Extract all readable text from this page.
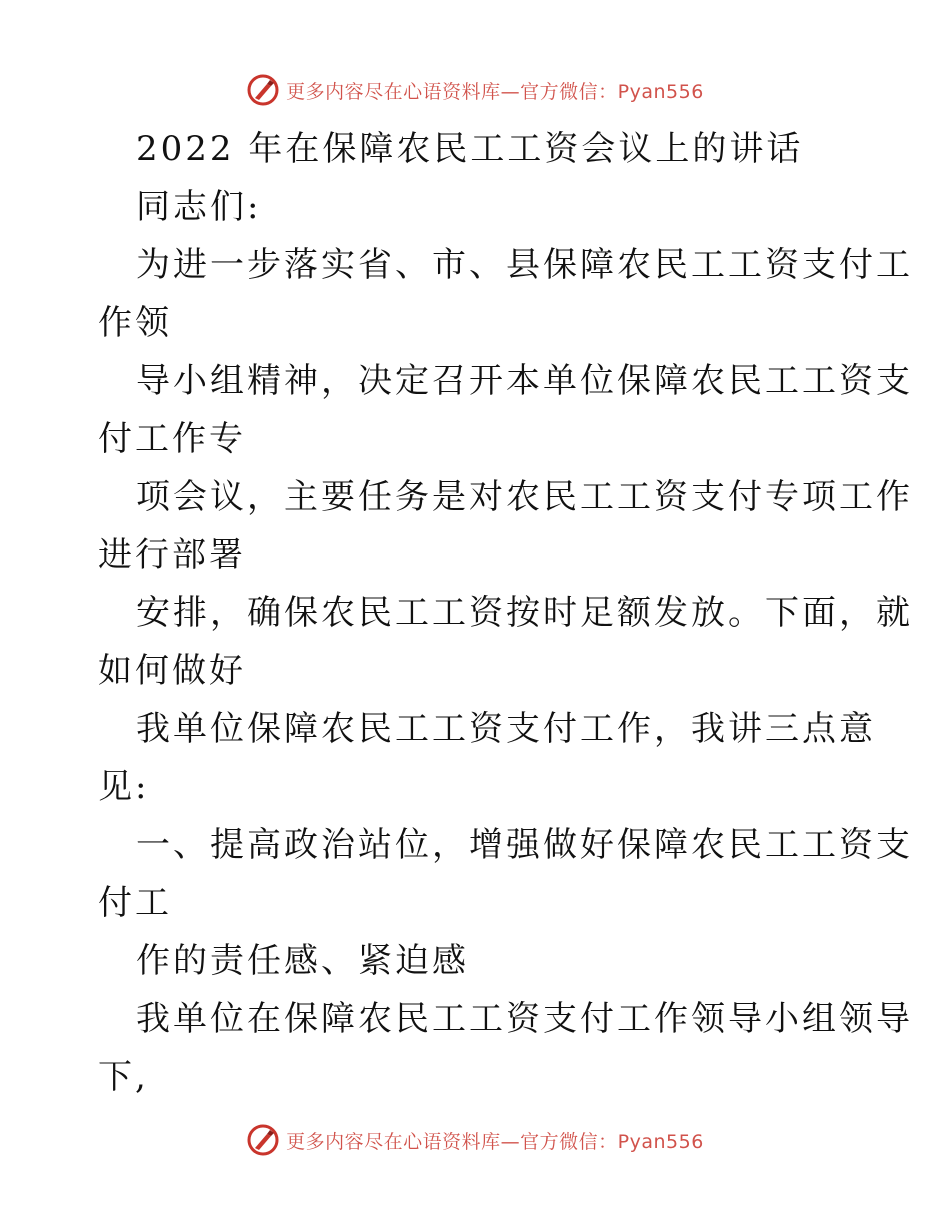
更多内容尽在心语资料库—官方微信：Pyan556
2022 年在保障农民工工资会议上的讲话
同志们:
为进一步落实省、市、县保障农民工工资支付工
作领
导小组精神，决定召开本单位保障农民工工资支
付工作专
项会议，主要任务是对农民工工资支付专项工作
进行部署
安排，确保农民工工资按时足额发放。下面，就
如何做好
我单位保障农民工工资支付工作，我讲三点意
见:
一、提高政治站位，增强做好保障农民工工资支
付工
作的责任感、紧迫感
我单位在保障农民工工资支付工作领导小组领导
下,
更多内容尽在心语资料库—官方微信：Pyan556
